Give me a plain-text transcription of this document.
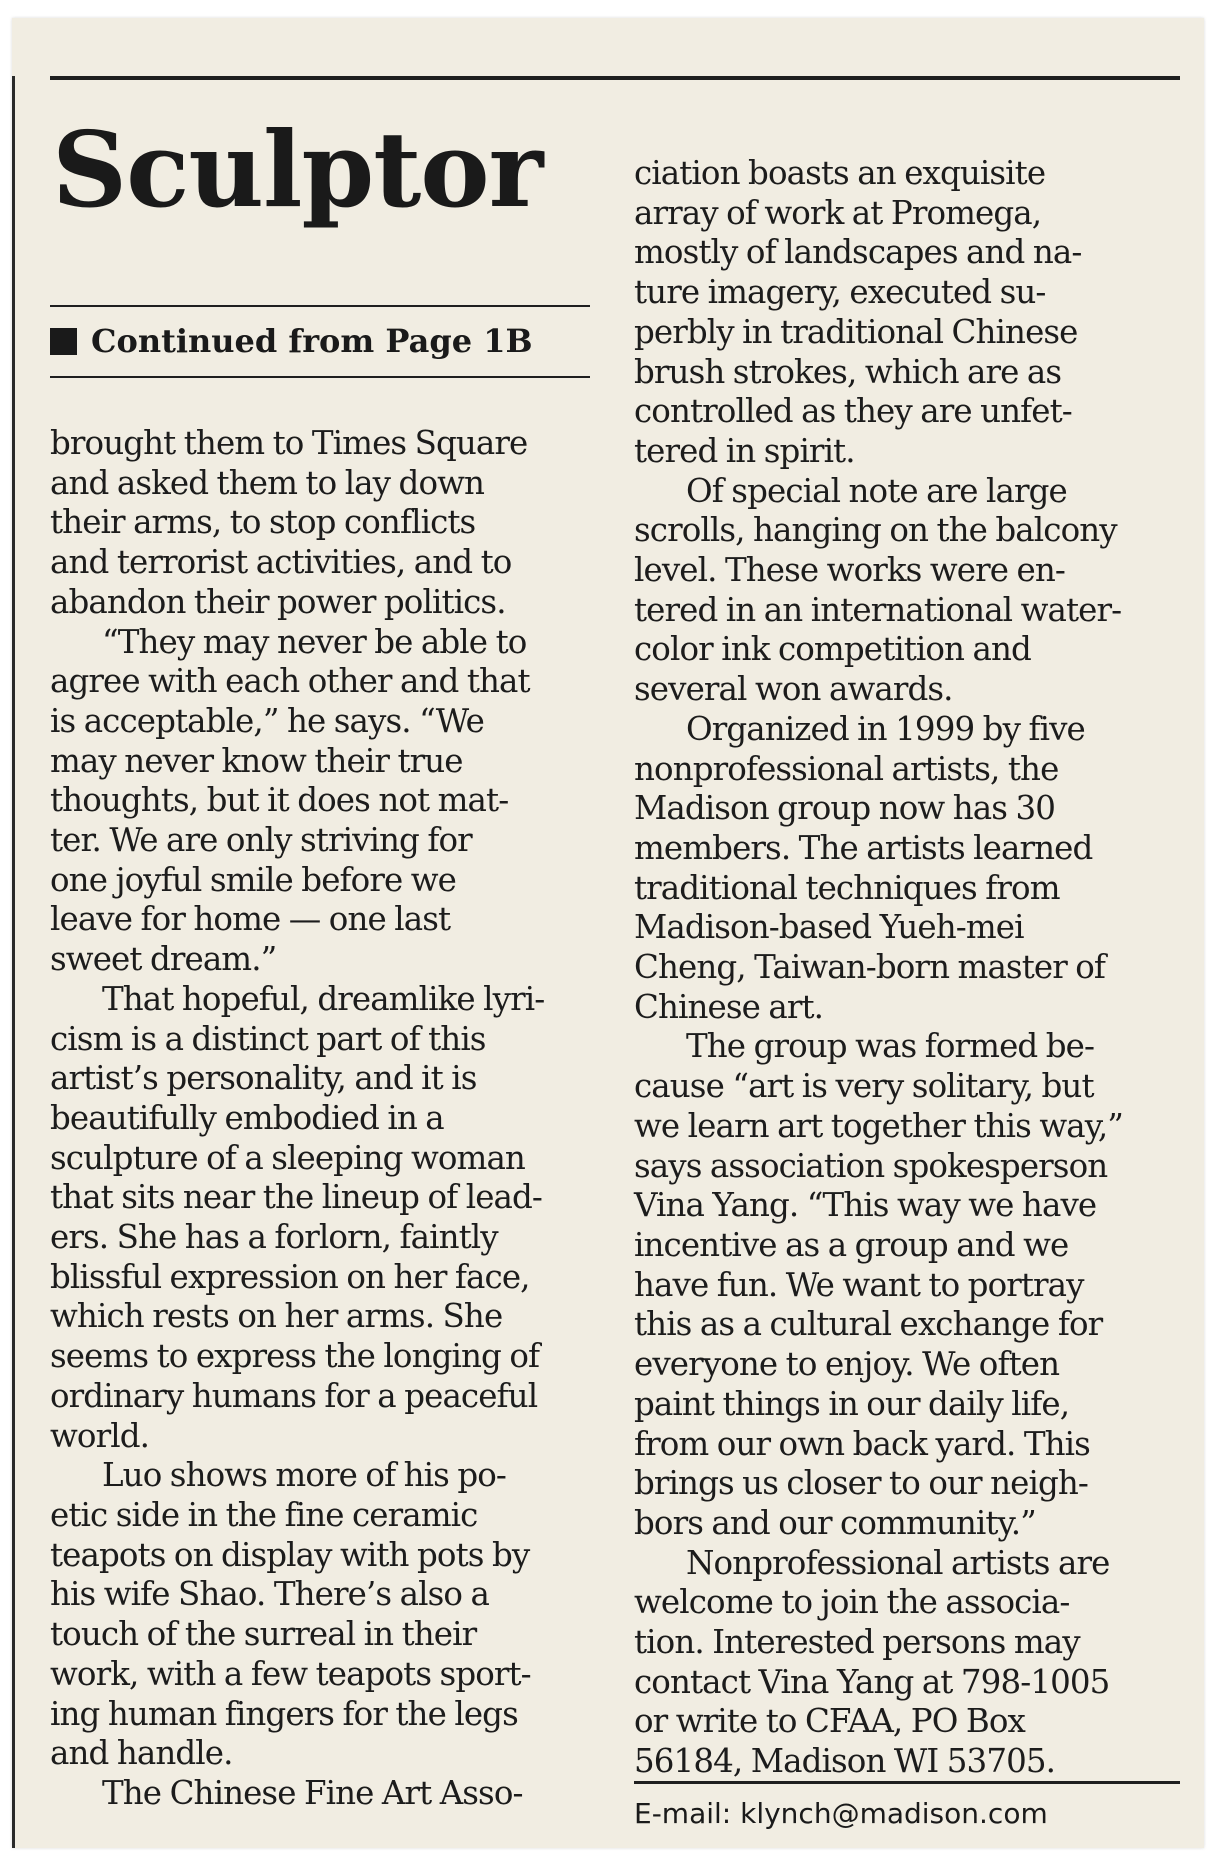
Sculptor
Continued from Page 1B
brought them to Times Square
and asked them to lay down
their arms, to stop conflicts
and terrorist activities, and to
abandon their power politics.
“They may never be able to
agree with each other and that
is acceptable,” he says. “We
may never know their true
thoughts, but it does not mat-
ter. We are only striving for
one joyful smile before we
leave for home — one last
sweet dream.”
That hopeful, dreamlike lyri-
cism is a distinct part of this
artist’s personality, and it is
beautifully embodied in a
sculpture of a sleeping woman
that sits near the lineup of lead-
ers. She has a forlorn, faintly
blissful expression on her face,
which rests on her arms. She
seems to express the longing of
ordinary humans for a peaceful
world.
Luo shows more of his po-
etic side in the fine ceramic
teapots on display with pots by
his wife Shao. There’s also a
touch of the surreal in their
work, with a few teapots sport-
ing human fingers for the legs
and handle.
The Chinese Fine Art Asso-
ciation boasts an exquisite
array of work at Promega,
mostly of landscapes and na-
ture imagery, executed su-
perbly in traditional Chinese
brush strokes, which are as
controlled as they are unfet-
tered in spirit.
Of special note are large
scrolls, hanging on the balcony
level. These works were en-
tered in an international water-
color ink competition and
several won awards.
Organized in 1999 by five
nonprofessional artists, the
Madison group now has 30
members. The artists learned
traditional techniques from
Madison-based Yueh-mei
Cheng, Taiwan-born master of
Chinese art.
The group was formed be-
cause “art is very solitary, but
we learn art together this way,”
says association spokesperson
Vina Yang. “This way we have
incentive as a group and we
have fun. We want to portray
this as a cultural exchange for
everyone to enjoy. We often
paint things in our daily life,
from our own back yard. This
brings us closer to our neigh-
bors and our community.”
Nonprofessional artists are
welcome to join the associa-
tion. Interested persons may
contact Vina Yang at 798-1005
or write to CFAA, PO Box
56184, Madison WI 53705.
E-mail: klynch@madison.com
